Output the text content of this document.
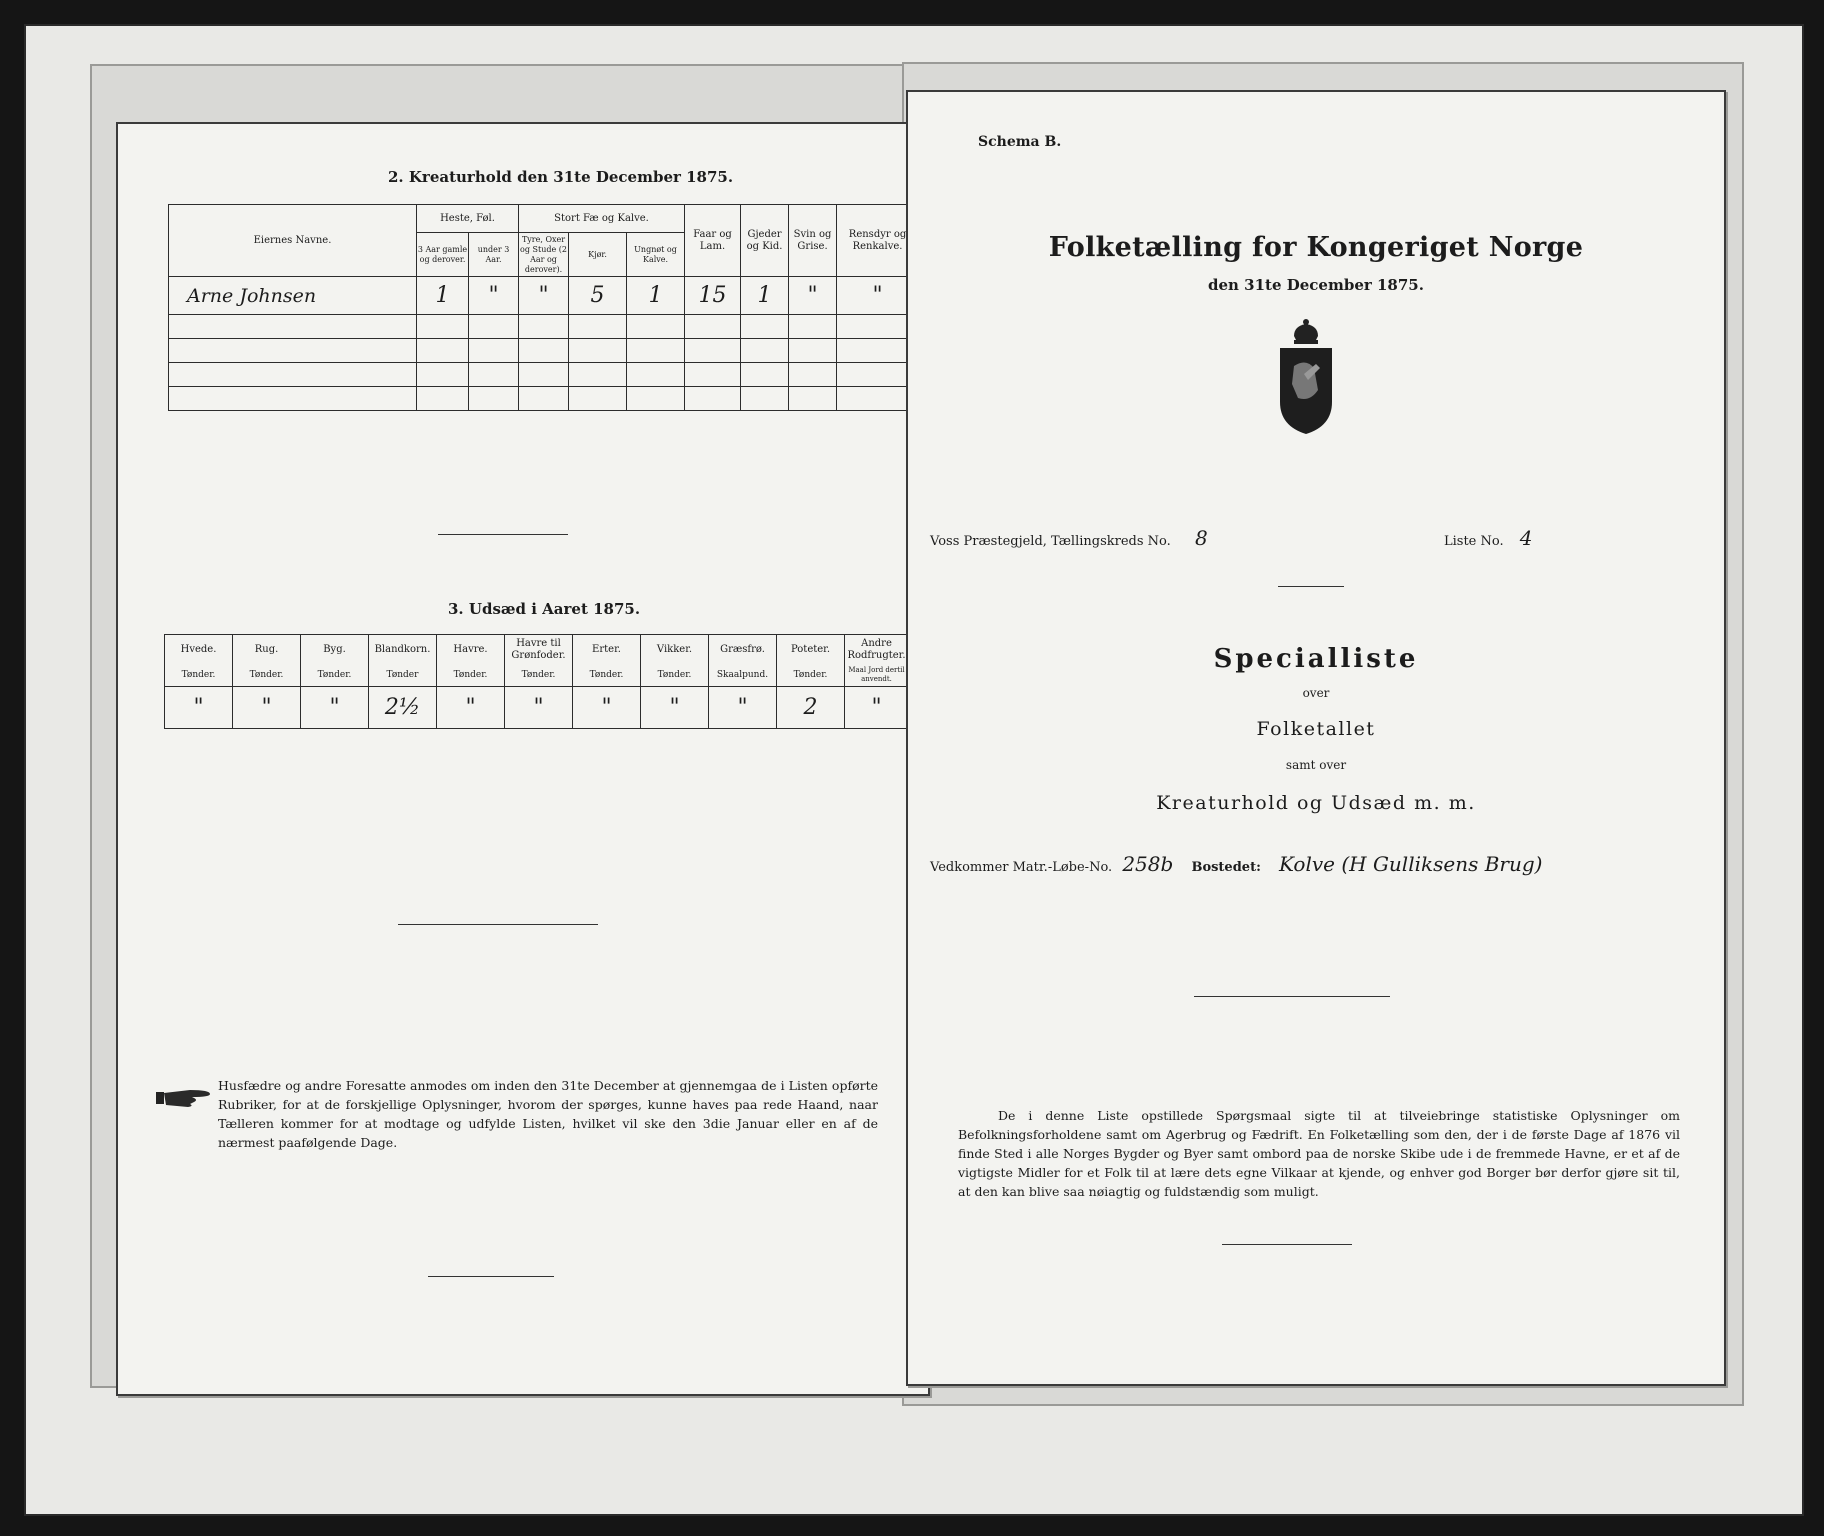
2. Kreaturhold den 31te December 1875.
Eiernes Navne.	Heste, Føl.		Stort Fæ og Kalve.			Faar og Lam.	Gjeder og Kid.	Svin og Grise.	Rensdyr og Renkalve.
	3 Aar gamle og derover.	under 3 Aar.	Tyre, Oxer og Stude (2 Aar og derover).	Kjør.	Ungnøt og Kalve.				
Arne Johnsen	1	"	"	5	1	15	1	"	"

3. Udsæd i Aaret 1875.
Hvede.	Rug.	Byg.	Blandkorn.	Havre.	Havre til Grønfoder.	Erter.	Vikker.	Græsfrø.	Poteter.	Andre Rodfrugter.
Tønder.	Tønder.	Tønder.	Tønder	Tønder.	Tønder.	Tønder.	Tønder.	Skaalpund.	Tønder.	Maal Jord dertil anvendt.
"	"	"	2½	"	"	"	"	"	2	"
Husfædre og andre Foresatte anmodes om inden den 31te December at gjennemgaa de i Listen opførte Rubriker, for at de forskjellige Oplysninger, hvorom der spørges, kunne haves paa rede Haand, naar Tælleren kommer for at modtage og udfylde Listen, hvilket vil ske den 3die Januar eller en af de nærmest paafølgende Dage.
Schema B.
Folketælling for Kongeriget Norge
den 31te December 1875.
Voss Præstegjeld, Tællingskreds No. 8	Liste No. 4
Specialliste
over
Folketallet
samt over
Kreaturhold og Udsæd m. m.
Vedkommer Matr.-Løbe-No. 258b Bostedet: Kolve (H Gulliksens Brug)
De i denne Liste opstillede Spørgsmaal sigte til at tilveiebringe statistiske Oplysninger om Befolkningsforholdene samt om Agerbrug og Fædrift. En Folketælling som den, der i de første Dage af 1876 vil finde Sted i alle Norges Bygder og Byer samt ombord paa de norske Skibe ude i de fremmede Havne, er et af de vigtigste Midler for et Folk til at lære dets egne Vilkaar at kjende, og enhver god Borger bør derfor gjøre sit til, at den kan blive saa nøiagtig og fuldstændig som muligt.
